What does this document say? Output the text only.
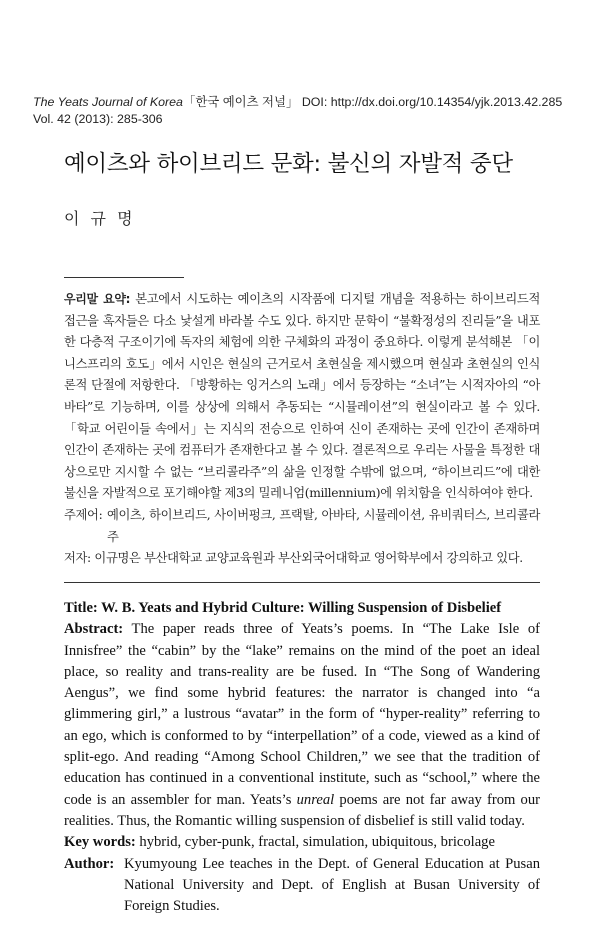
The Yeats Journal of Korea「한국 예이츠 저널」 DOI: http://dx.doi.org/10.14354/yjk.2013.42.285
Vol. 42 (2013): 285-306
예이츠와 하이브리드 문화: 불신의 자발적 중단
이 규 명

우리말 요약: 본고에서 시도하는 예이츠의 시작품에 디지털 개념을 적용하는 하이브리드적 접근을 혹자들은 다소 낯설게 바라볼 수도 있다. 하지만 문학이 “불확정성의 진리들”을 내포한 다층적 구조이기에 독자의 체험에 의한 구체화의 과정이 중요하다. 이렇게 분석해본 「이니스프리의 호도」에서 시인은 현실의 근거로서 초현실을 제시했으며 현실과 초현실의 인식론적 단절에 저항한다. 「방황하는 잉거스의 노래」에서 등장하는 “소녀”는 시적자아의 “아바타”로 기능하며, 이를 상상에 의해서 추동되는 “시뮬레이션”의 현실이라고 볼 수 있다. 「학교 어린이들 속에서」는 지식의 전승으로 인하여 신이 존재하는 곳에 인간이 존재하며 인간이 존재하는 곳에 컴퓨터가 존재한다고 볼 수 있다. 결론적으로 우리는 사물을 특정한 대상으로만 지시할 수 없는 “브리콜라주”의 삶을 인정할 수밖에 없으며, “하이브리드”에 대한 불신을 자발적으로 포기해야할 제3의 밀레니엄(millennium)에 위치함을 인식하여야 한다.

주제어: 예이츠, 하이브리드, 사이버펑크, 프랙탈, 아바타, 시뮬레이션, 유비쿼터스, 브리콜라주

저자: 이규명은 부산대학교 교양교육원과 부산외국어대학교 영어학부에서 강의하고 있다.

Title: W. B. Yeats and Hybrid Culture: Willing Suspension of Disbelief

Abstract: The paper reads three of Yeats’s poems. In “The Lake Isle of Innisfree” the “cabin” by the “lake” remains on the mind of the poet an ideal place, so reality and trans-reality are be fused. In “The Song of Wandering Aengus”, we find some hybrid features: the narrator is changed into “a glimmering girl,” a lustrous “avatar” in the form of “hyper-reality” referring to an ego, which is conformed to by “interpellation” of a code, viewed as a kind of split-ego. And reading “Among School Children,” we see that the tradition of education has continued in a conventional institute, such as “school,” where the code is an assembler for man. Yeats’s unreal poems are not far away from our realities. Thus, the Romantic willing suspension of disbelief is still valid today.

Key words: hybrid, cyber-punk, fractal, simulation, ubiquitous, bricolage

Author: Kyumyoung Lee teaches in the Dept. of General Education at Pusan National University and Dept. of English at Busan University of Foreign Studies.
